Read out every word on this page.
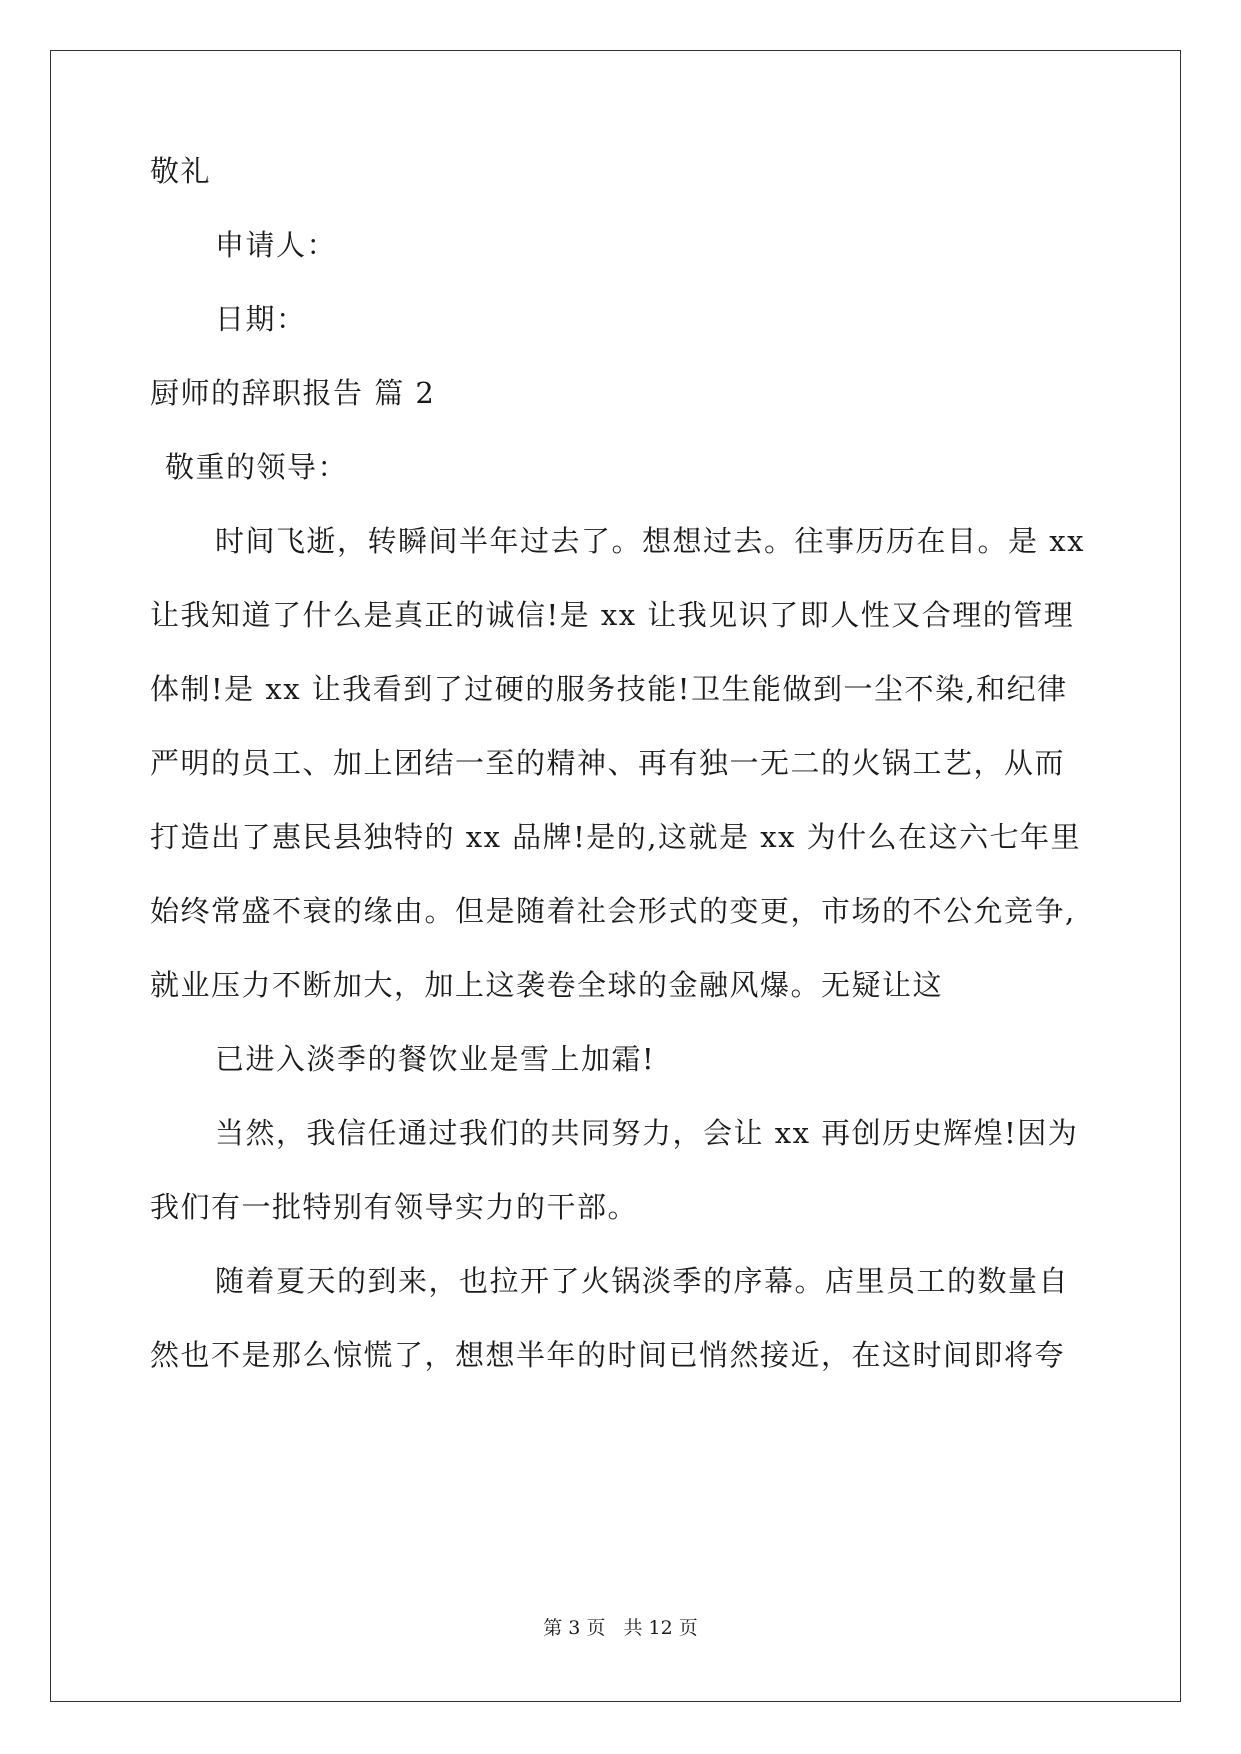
敬礼
申请人：
日期：
厨师的辞职报告 篇 2
敬重的领导：
时间飞逝，转瞬间半年过去了。想想过去。往事历历在目。是 xx
让我知道了什么是真正的诚信!是 xx 让我见识了即人性又合理的管理
体制!是 xx 让我看到了过硬的服务技能!卫生能做到一尘不染,和纪律
严明的员工、加上团结一至的精神、再有独一无二的火锅工艺，从而
打造出了惠民县独特的 xx 品牌!是的,这就是 xx 为什么在这六七年里
始终常盛不衰的缘由。但是随着社会形式的变更，市场的不公允竞争,
就业压力不断加大，加上这袭卷全球的金融风爆。无疑让这
已进入淡季的餐饮业是雪上加霜!
当然，我信任通过我们的共同努力，会让 xx 再创历史辉煌!因为
我们有一批特别有领导实力的干部。
随着夏天的到来，也拉开了火锅淡季的序幕。店里员工的数量自
然也不是那么惊慌了，想想半年的时间已悄然接近，在这时间即将夸
第 3 页   共 12 页
